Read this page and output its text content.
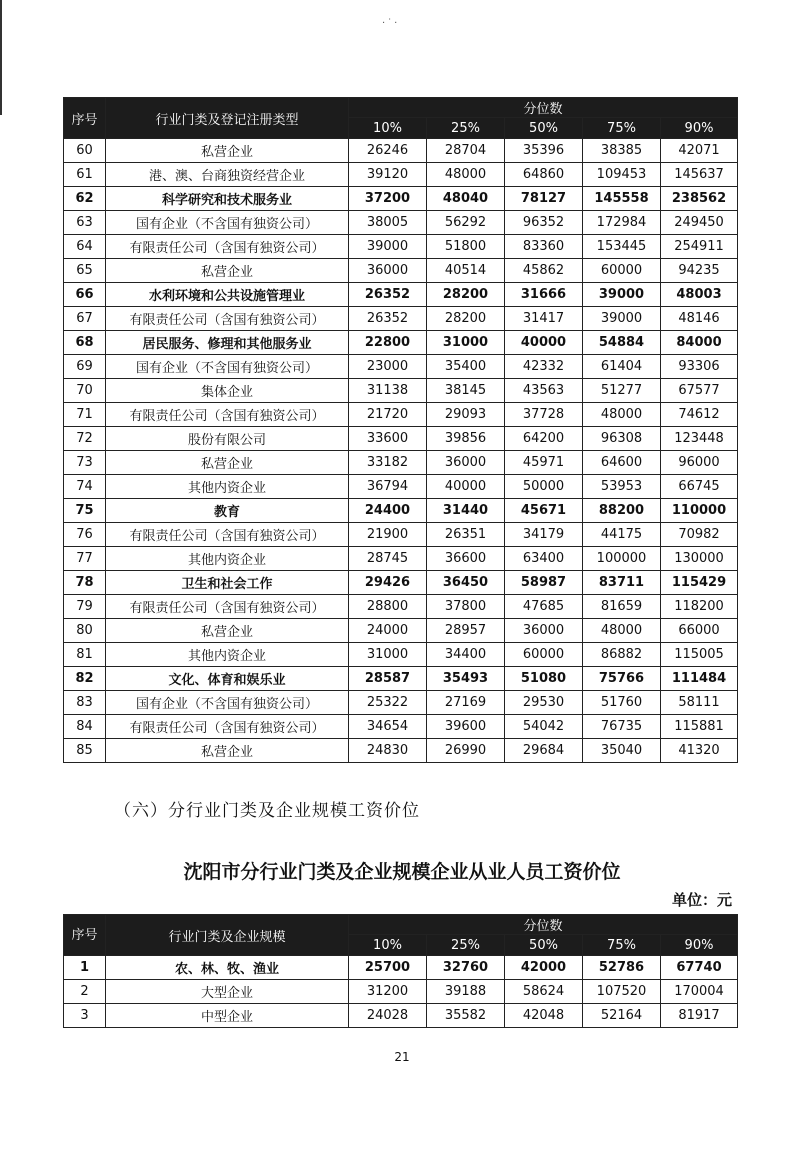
·˙·
序号	行业门类及登记注册类型	分位数				
		10%	25%	50%	75%	90%
60	私营企业	26246	28704	35396	38385	42071
61	港、澳、台商独资经营企业	39120	48000	64860	109453	145637
62	科学研究和技术服务业	37200	48040	78127	145558	238562
63	国有企业（不含国有独资公司）	38005	56292	96352	172984	249450
64	有限责任公司（含国有独资公司）	39000	51800	83360	153445	254911
65	私营企业	36000	40514	45862	60000	94235
66	水利环境和公共设施管理业	26352	28200	31666	39000	48003
67	有限责任公司（含国有独资公司）	26352	28200	31417	39000	48146
68	居民服务、修理和其他服务业	22800	31000	40000	54884	84000
69	国有企业（不含国有独资公司）	23000	35400	42332	61404	93306
70	集体企业	31138	38145	43563	51277	67577
71	有限责任公司（含国有独资公司）	21720	29093	37728	48000	74612
72	股份有限公司	33600	39856	64200	96308	123448
73	私营企业	33182	36000	45971	64600	96000
74	其他内资企业	36794	40000	50000	53953	66745
75	教育	24400	31440	45671	88200	110000
76	有限责任公司（含国有独资公司）	21900	26351	34179	44175	70982
77	其他内资企业	28745	36600	63400	100000	130000
78	卫生和社会工作	29426	36450	58987	83711	115429
79	有限责任公司（含国有独资公司）	28800	37800	47685	81659	118200
80	私营企业	24000	28957	36000	48000	66000
81	其他内资企业	31000	34400	60000	86882	115005
82	文化、体育和娱乐业	28587	35493	51080	75766	111484
83	国有企业（不含国有独资公司）	25322	27169	29530	51760	58111
84	有限责任公司（含国有独资公司）	34654	39600	54042	76735	115881
85	私营企业	24830	26990	29684	35040	41320
（六）分行业门类及企业规模工资价位
沈阳市分行业门类及企业规模企业从业人员工资价位
单位：元
序号	行业门类及企业规模	分位数				
		10%	25%	50%	75%	90%
1	农、林、牧、渔业	25700	32760	42000	52786	67740
2	大型企业	31200	39188	58624	107520	170004
3	中型企业	24028	35582	42048	52164	81917
21
